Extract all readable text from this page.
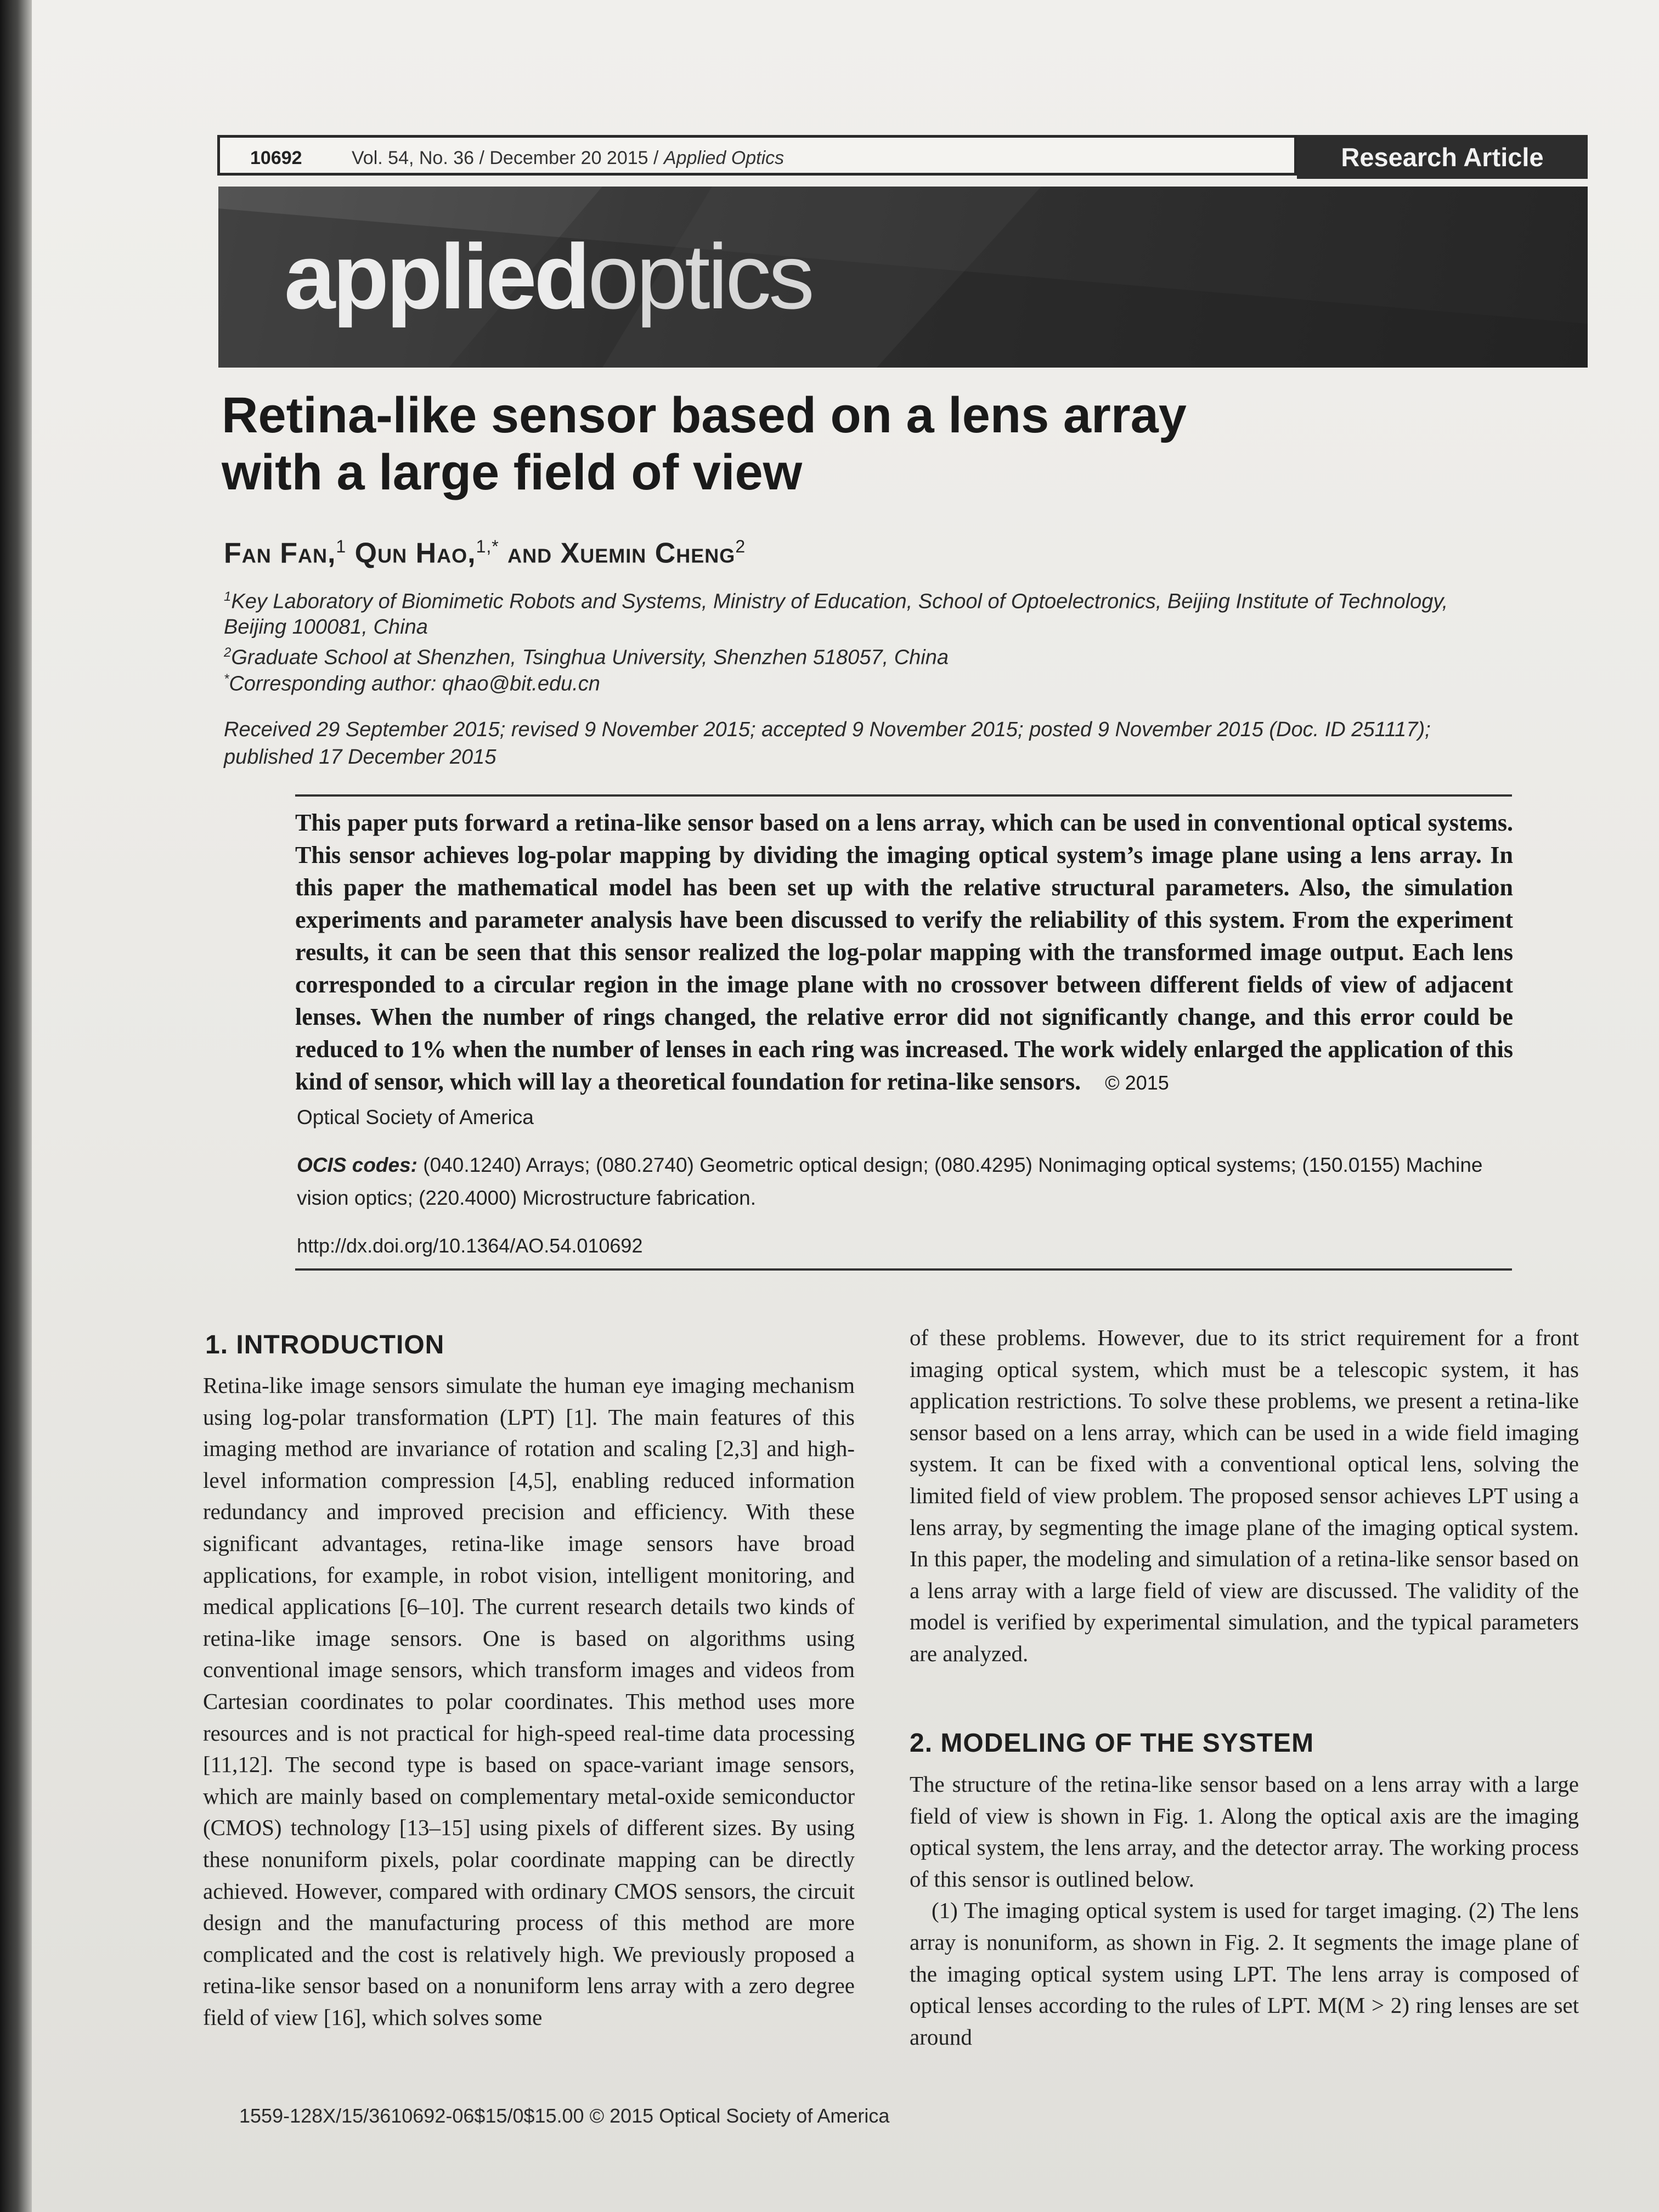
10692	Vol. 54, No. 36 / December 20 2015 / Applied Optics	Research Article
appliedoptics
Retina-like sensor based on a lens array
with a large field of view
Fan Fan,$^1$ Qun Hao,$^{1,*}$ and Xuemin Cheng$^2$
$^1$Key Laboratory of Biomimetic Robots and Systems, Ministry of Education, School of Optoelectronics, Beijing Institute of Technology,
Beijing 100081, China
$^2$Graduate School at Shenzhen, Tsinghua University, Shenzhen 518057, China
*Corresponding author: qhao@bit.edu.cn
Received 29 September 2015; revised 9 November 2015; accepted 9 November 2015; posted 9 November 2015 (Doc. ID 251117);
published 17 December 2015
This paper puts forward a retina-like sensor based on a lens array, which can be used in conventional optical systems. This sensor achieves log-polar mapping by dividing the imaging optical system’s image plane using a lens array. In this paper the mathematical model has been set up with the relative structural parameters. Also, the simulation experiments and parameter analysis have been discussed to verify the reliability of this system. From the experiment results, it can be seen that this sensor realized the log-polar mapping with the transformed image output. Each lens corresponded to a circular region in the image plane with no crossover between different fields of view of adjacent lenses. When the number of rings changed, the relative error did not significantly change, and this error could be reduced to 1% when the number of lenses in each ring was increased. The work widely enlarged the application of this kind of sensor, which will lay a theoretical foundation for retina-like sensors. © 2015
Optical Society of America
OCIS codes: (040.1240) Arrays; (080.2740) Geometric optical design; (080.4295) Nonimaging optical systems; (150.0155) Machine vision optics; (220.4000) Microstructure fabrication.
http://dx.doi.org/10.1364/AO.54.010692
1. INTRODUCTION

Retina-like image sensors simulate the human eye imaging mechanism using log-polar transformation (LPT) [1]. The main features of this imaging method are invariance of rotation and scaling [2,3] and high-level information compression [4,5], enabling reduced information redundancy and improved precision and efficiency. With these significant advantages, retina-like image sensors have broad applications, for example, in robot vision, intelligent monitoring, and medical applications [6–10]. The current research details two kinds of retina-like image sensors. One is based on algorithms using conventional image sensors, which transform images and videos from Cartesian coordinates to polar coordinates. This method uses more resources and is not practical for high-speed real-time data processing [11,12]. The second type is based on space-variant image sensors, which are mainly based on complementary metal-oxide semiconductor (CMOS) technology [13–15] using pixels of different sizes. By using these nonuniform pixels, polar coordinate mapping can be directly achieved. However, compared with ordinary CMOS sensors, the circuit design and the manufacturing process of this method are more complicated and the cost is relatively high. We previously proposed a retina-like sensor based on a nonuniform lens array with a zero degree field of view [16], which solves some

of these problems. However, due to its strict requirement for a front imaging optical system, which must be a telescopic system, it has application restrictions. To solve these problems, we present a retina-like sensor based on a lens array, which can be used in a wide field imaging system. It can be fixed with a conventional optical lens, solving the limited field of view problem. The proposed sensor achieves LPT using a lens array, by segmenting the image plane of the imaging optical system. In this paper, the modeling and simulation of a retina-like sensor based on a lens array with a large field of view are discussed. The validity of the model is verified by experimental simulation, and the typical parameters are analyzed.

2. MODELING OF THE SYSTEM

The structure of the retina-like sensor based on a lens array with a large field of view is shown in Fig. 1. Along the optical axis are the imaging optical system, the lens array, and the detector array. The working process of this sensor is outlined below.

(1) The imaging optical system is used for target imaging. (2) The lens array is nonuniform, as shown in Fig. 2. It segments the image plane of the imaging optical system using LPT. The lens array is composed of optical lenses according to the rules of LPT. M(M > 2) ring lenses are set around

1559-128X/15/3610692-06$15/0$15.00 © 2015 Optical Society of America
